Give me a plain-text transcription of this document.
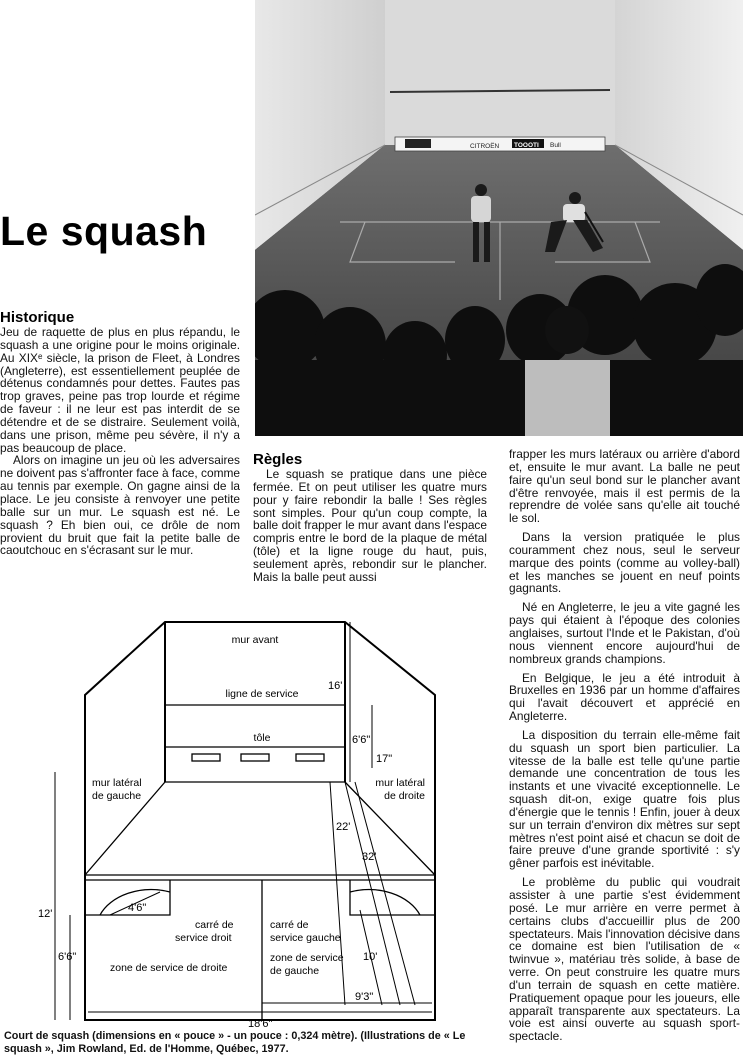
CITROËN TOOOTI Bull
Le squash
Historique

Jeu de raquette de plus en plus répandu, le squash a une origine pour le moins originale. Au XIXᵉ siècle, la prison de Fleet, à Londres (Angleterre), est essentiellement peuplée de détenus condamnés pour dettes. Fautes pas trop graves, peine pas trop lourde et régime de faveur : il ne leur est pas interdit de se détendre et de se distraire. Seulement voilà, dans une prison, même peu sévère, il n'y a pas beaucoup de place.

Alors on imagine un jeu où les adversaires ne doivent pas s'affronter face à face, comme au tennis par exemple. On gagne ainsi de la place. Le jeu consiste à renvoyer une petite balle sur un mur. Le squash est né. Le squash ? Eh bien oui, ce drôle de nom provient du bruit que fait la petite balle de caoutchouc en s'écrasant sur le mur.

Règles

Le squash se pratique dans une pièce fermée. Et on peut utiliser les quatre murs pour y faire rebondir la balle ! Ses règles sont simples. Pour qu'un coup compte, la balle doit frapper le mur avant dans l'espace compris entre le bord de la plaque de métal (tôle) et la ligne rouge du haut, puis, seulement après, rebondir sur le plancher. Mais la balle peut aussi

frapper les murs latéraux ou arrière d'abord et, ensuite le mur avant. La balle ne peut faire qu'un seul bond sur le plancher avant d'être renvoyée, mais il est permis de la reprendre de volée sans qu'elle ait touché le sol.

Dans la version pratiquée le plus couramment chez nous, seul le serveur marque des points (comme au volley-ball) et les manches se jouent en neuf points gagnants.

Né en Angleterre, le jeu a vite gagné les pays qui étaient à l'époque des colonies anglaises, surtout l'Inde et le Pakistan, d'où nous viennent encore aujourd'hui de nombreux grands champions.

En Belgique, le jeu a été introduit à Bruxelles en 1936 par un homme d'affaires qui l'avait découvert et apprécié en Angleterre.

La disposition du terrain elle-même fait du squash un sport bien particulier. La vitesse de la balle est telle qu'une partie demande une concentration de tous les instants et une vivacité exceptionnelle. Le squash dit-on, exige quatre fois plus d'énergie que le tennis ! Enfin, jouer à deux sur un terrain d'environ dix mètres sur sept mètres n'est point aisé et chacun se doit de faire preuve d'une grande sportivité : s'y gêner parfois est inévitable.

Le problème du public qui voudrait assister à une partie s'est évidemment posé. Le mur arrière en verre permet à certains clubs d'accueillir plus de 200 spectateurs. Mais l'innovation décisive dans ce domaine est bien l'utilisation de « twinvue », matériau très solide, à base de verre. On peut construire les quatre murs d'un terrain de squash en cette matière. Pratiquement opaque pour les joueurs, elle apparaît transparente aux spectateurs. La voie est ainsi ouverte au squash sport-spectacle.

mur avant
ligne de service
tôle
mur latéral
de gauche
mur latéral
de droite
carré de
service droit
carré de
service gauche
zone de service de droite
zone de service
de gauche
16'
6'6"
17"
22'
32'
12'
6'6"
4'6"
10'
9'3"
18'6"
Court de squash (dimensions en « pouce » - un pouce : 0,324 mètre). (Illustrations de « Le squash », Jim Rowland, Ed. de l'Homme, Québec, 1977.
